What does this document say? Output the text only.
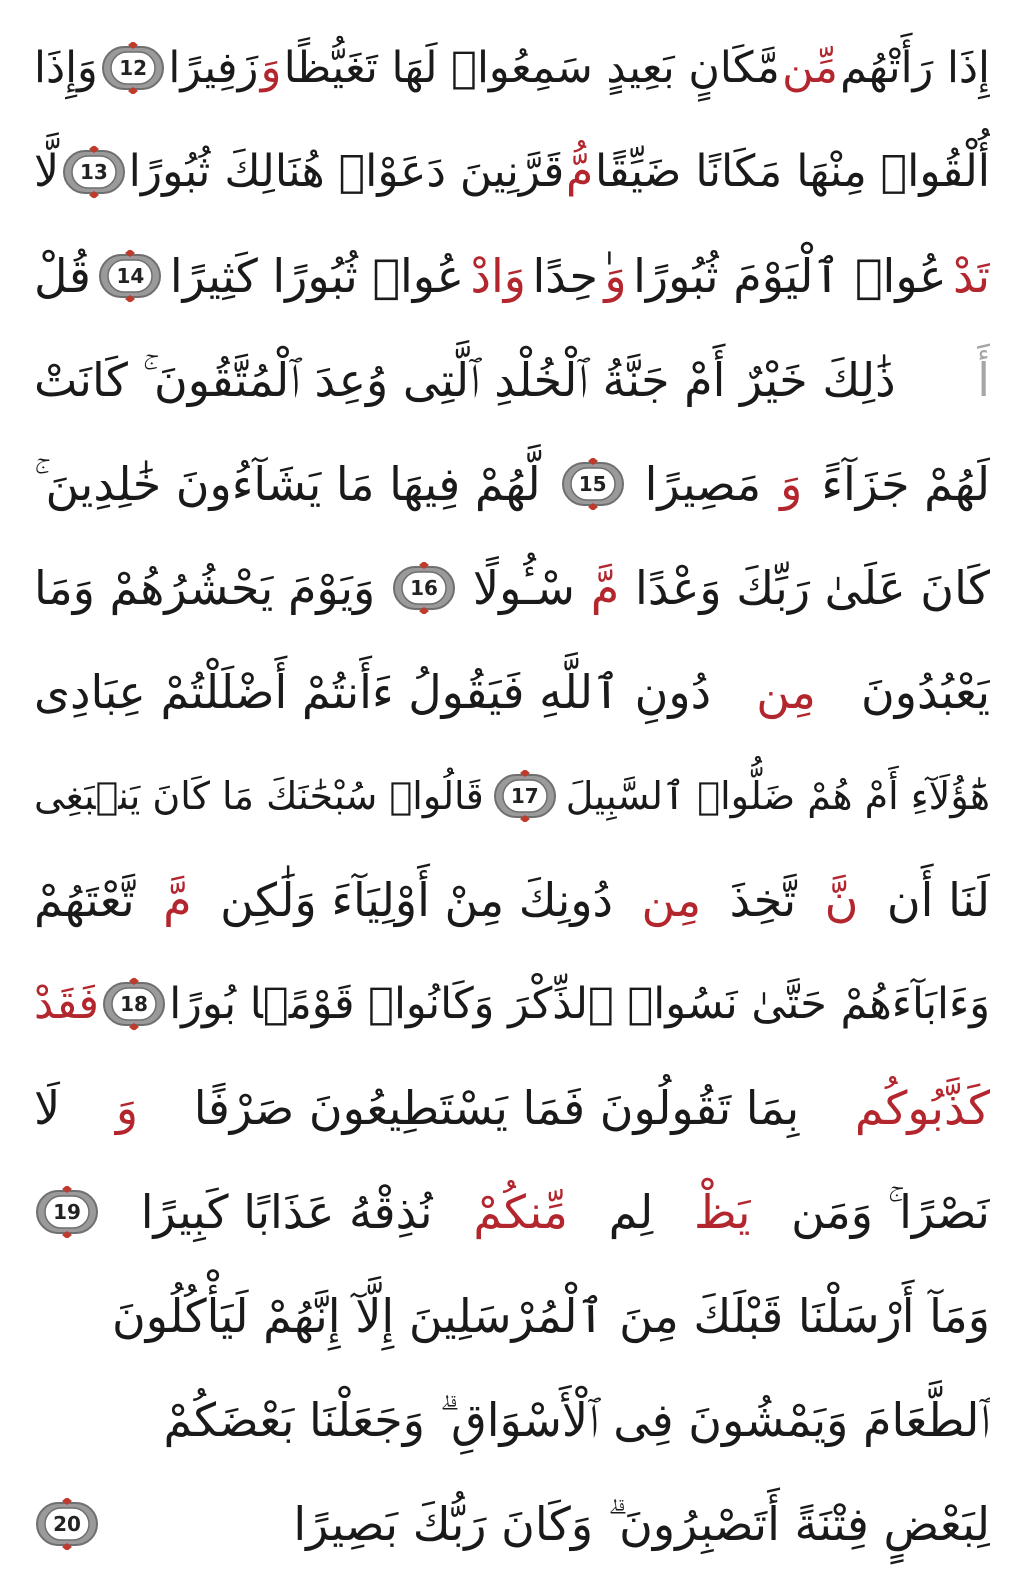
إِذَا رَأَتْهُم
مِّن
مَّكَانٍ بَعِيدٍ سَمِعُوا۟ لَهَا تَغَيُّظًا
وَ
زَفِيرًا
12
وَإِذَا
أُلْقُوا۟ مِنْهَا مَكَانًا ضَيِّقًا
مُّ
قَرَّنِينَ دَعَوْا۟ هُنَالِكَ ثُبُورًا
13
لَّا
تَدْ
عُوا۟ ٱلْيَوْمَ ثُبُورًا
وَ
ٰحِدًا
وَادْ
عُوا۟ ثُبُورًا كَثِيرًا
14
قُلْ
أَ
ذَٰلِكَ خَيْرٌ أَمْ جَنَّةُ ٱلْخُلْدِ ٱلَّتِى وُعِدَ ٱلْمُتَّقُونَ ۚ كَانَتْ
لَهُمْ جَزَآءً
وَ
مَصِيرًا
15
لَّهُمْ فِيهَا مَا يَشَآءُونَ خَٰلِدِينَ ۚ
كَانَ عَلَىٰ رَبِّكَ وَعْدًا
مَّ
سْـُٔولًا
16
وَيَوْمَ يَحْشُرُهُمْ وَمَا
يَعْبُدُونَ
مِن
دُونِ ٱللَّهِ فَيَقُولُ ءَأَنتُمْ أَضْلَلْتُمْ عِبَادِى
هَٰٓؤُلَآءِ أَمْ هُمْ ضَلُّوا۟ ٱلسَّبِيلَ
17
قَالُوا۟ سُبْحَٰنَكَ مَا كَانَ يَنۢبَغِى
لَنَا أَن
نَّ
تَّخِذَ
مِن
دُونِكَ مِنْ أَوْلِيَآءَ وَلَٰكِن
مَّ
تَّعْتَهُمْ
وَءَابَآءَهُمْ حَتَّىٰ نَسُوا۟ ٱلذِّكْرَ وَكَانُوا۟ قَوْمًۢا بُورًا
18
فَقَدْ
كَذَّبُوكُم
بِمَا تَقُولُونَ فَمَا يَسْتَطِيعُونَ صَرْفًا
وَ
لَا
نَصْرًا ۚ وَمَن
يَظْ
لِم
مِّنكُمْ
نُذِقْهُ عَذَابًا كَبِيرًا
19
وَمَآ أَرْسَلْنَا قَبْلَكَ مِنَ ٱلْمُرْسَلِينَ إِلَّآ إِنَّهُمْ لَيَأْكُلُونَ
ٱلطَّعَامَ وَيَمْشُونَ فِى ٱلْأَسْوَاقِ ۗ وَجَعَلْنَا بَعْضَكُمْ
لِبَعْضٍ فِتْنَةً أَتَصْبِرُونَ ۗ وَكَانَ رَبُّكَ بَصِيرًا
20
